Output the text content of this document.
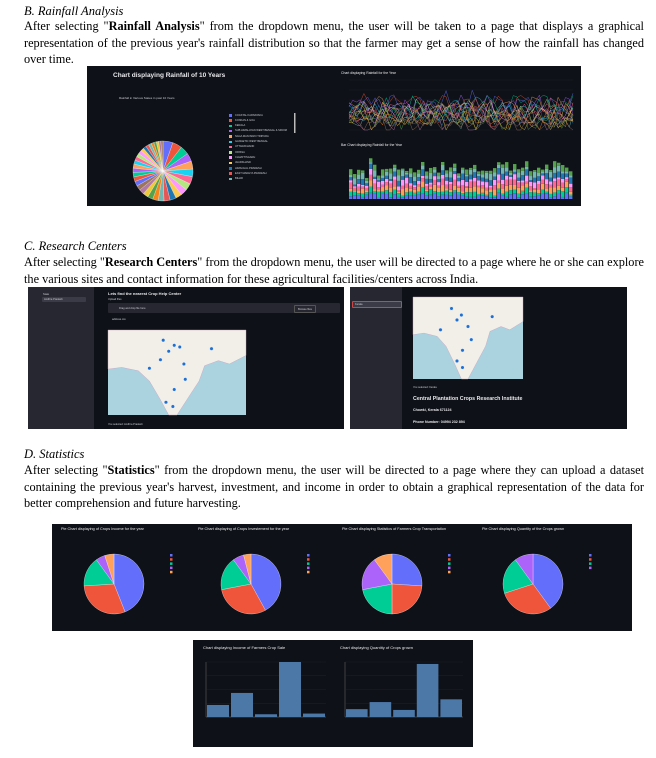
B. Rainfall Analysis
After selecting "Rainfall Analysis" from the dropdown menu, the user will be taken to a page that displays a graphical representation of the previous year's rainfall distribution so that the farmer may get a sense of how the rainfall has changed over time.
Chart displaying Rainfall of 10 Years
Rainfall in Various States in past 10 Years
COASTAL KARNATAKA
KONKAN & GOA
KERALA
SUB HIMALAYAN WEST BENGAL & SIKKIM
NAGA MANI MIZO TRIPURA
GANGETIC WEST BENGAL
UTTARAKHAND
ORISSA
CHHATTISGARH
JHARKHAND
HIMACHAL PRADESH
EAST MADHYA PRADESH
BIHAR
Chart displaying Rainfall for the Year
Bar Chart displaying Rainfall for the Year
C. Research Centers
After selecting "Research Centers" from the dropdown menu, the user will be directed to a page where he or she can explore the various sites and contact information for these agricultural facilities/centers across India.
State
Andhra Pradesh
Lets find the nearest Crop Help Center
Upload files
Drag and drop file here	Browse files
address.csv
You selected: Andhra Pradesh
Kerala
You selected: Kerala
Central Plantation Crops Research Institute
Chowki, Kerala 671124
Phone Number: 04994 232 894
D. Statistics
After selecting "Statistics" from the dropdown menu, the user will be directed to a page where they can upload a dataset containing the previous year's harvest, investment, and income in order to obtain a graphical representation of the data for better comprehension and future harvesting.
Pie Chart displaying of Crops Income for the year	Pie Chart displaying of Crops Investement for the year	Pie Chart displaying Statistics of Farmers Crop Transportation	Pie Chart displaying Quantity of the Crops grown
Chart displaying Income of Farmers Crop Sale	Chart displaying Quantity of Crops grown
